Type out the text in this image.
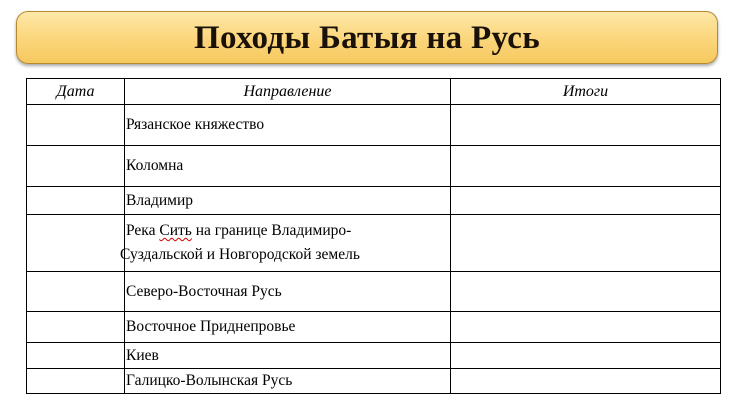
Походы Батыя на Русь
Дата	Направление	Итоги
	Рязанское княжество	
	Коломна	
	Владимир	

	Река Сить на границе Владимиро-
Суздальской и Новгородской земель	

	Северо-Восточная Русь	
	Восточное Приднепровье	
	Киев	
	Галицко-Волынская Русь	
